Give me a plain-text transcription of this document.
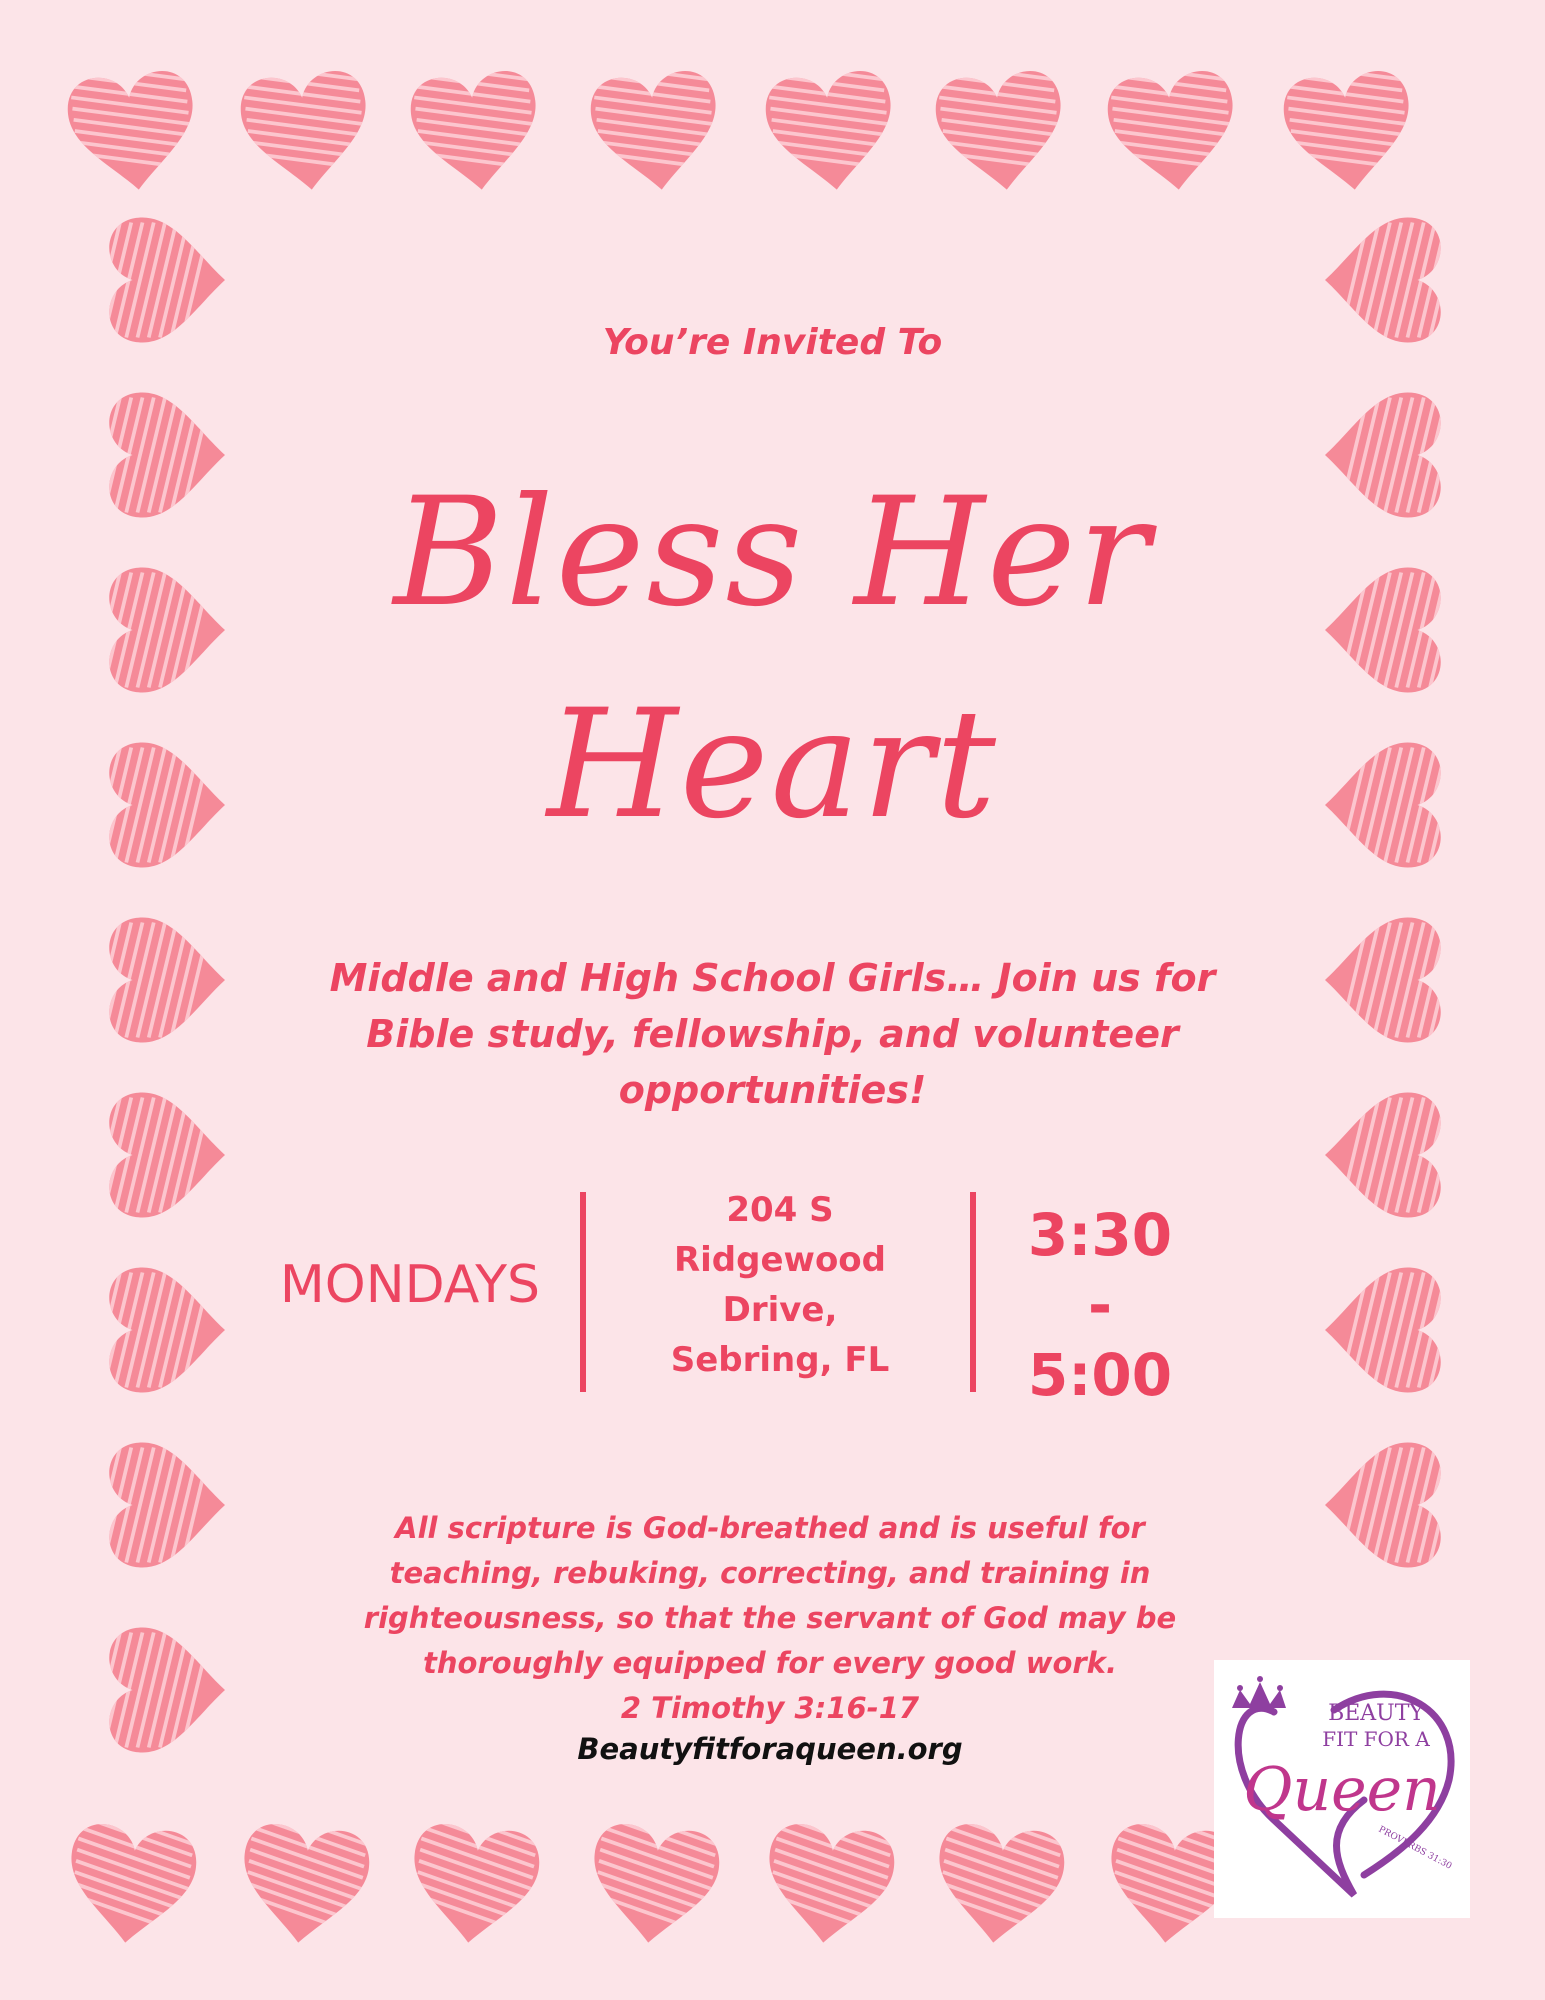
You’re Invited To
Bless Her
Heart
Middle and High School Girls… Join us for Bible study, fellowship, and volunteer opportunities!
MONDAYS
204 S
Ridgewood
Drive,
Sebring, FL
3:30
-
5:00
All scripture is God-breathed and is useful for
teaching, rebuking, correcting, and training in
righteousness, so that the servant of God may be
thoroughly equipped for every good work.
2 Timothy 3:16-17
Beautyfitforaqueen.org
BEAUTY
FIT FOR A
Queen
PROVERBS 31:30
